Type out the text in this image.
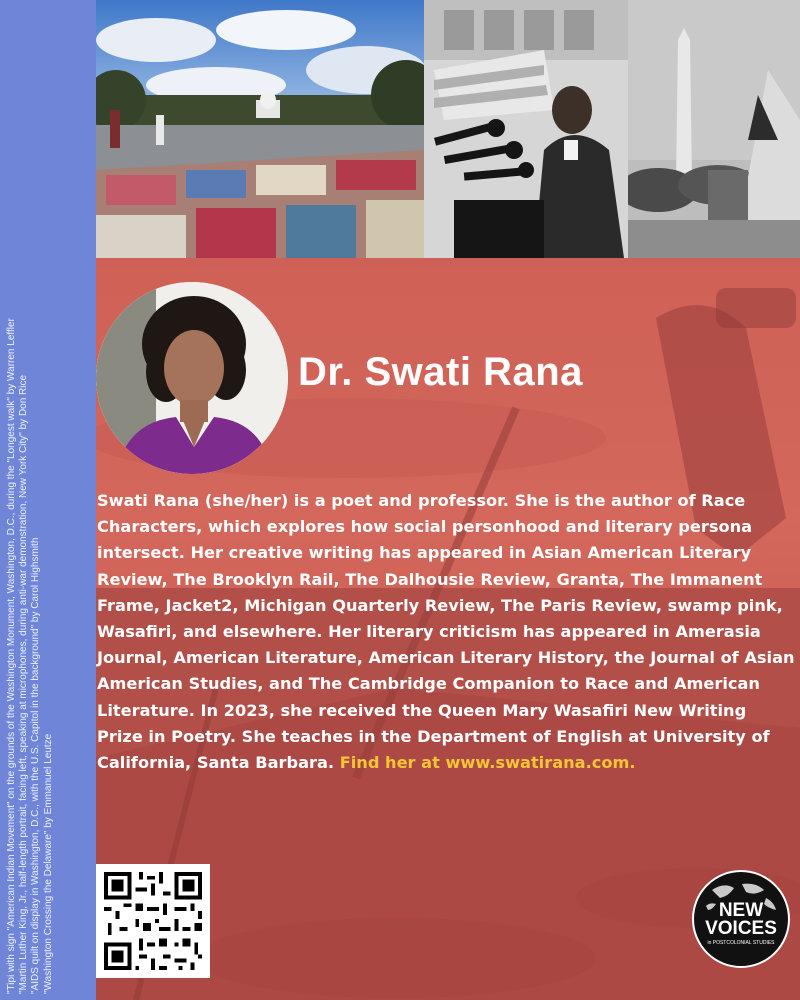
"Tipi with sign "American Indian Movement" on the grounds of the Washington Monument, Washington, D.C., during the "Longest walk" by Warren Leffler "Martin Luther King, Jr., half-length portrait, facing left, speaking at microphones, during anti-war demonstration, New York City" by Don Rice "AIDS quilt on display in Washington, D.C., with the U.S. Capitol in the background" by Carol Highsmith "Washington Crossing the Delaware" by Emmanuel Leutze
Dr. Swati Rana
Swati Rana (she/her) is a poet and professor. She is the author of Race Characters, which explores how social personhood and literary persona intersect. Her creative writing has appeared in Asian American Literary Review, The Brooklyn Rail, The Dalhousie Review, Granta, The Immanent Frame, Jacket2, Michigan Quarterly Review, The Paris Review, swamp pink, Wasafiri, and elsewhere. Her literary criticism has appeared in Amerasia Journal, American Literature, American Literary History, the Journal of Asian American Studies, and The Cambridge Companion to Race and American Literature. In 2023, she received the Queen Mary Wasafiri New Writing Prize in Poetry. She teaches in the Department of English at University of California, Santa Barbara. Find her at www.swatirana.com.
NEW
VOICES
in POSTCOLONIAL STUDIES
